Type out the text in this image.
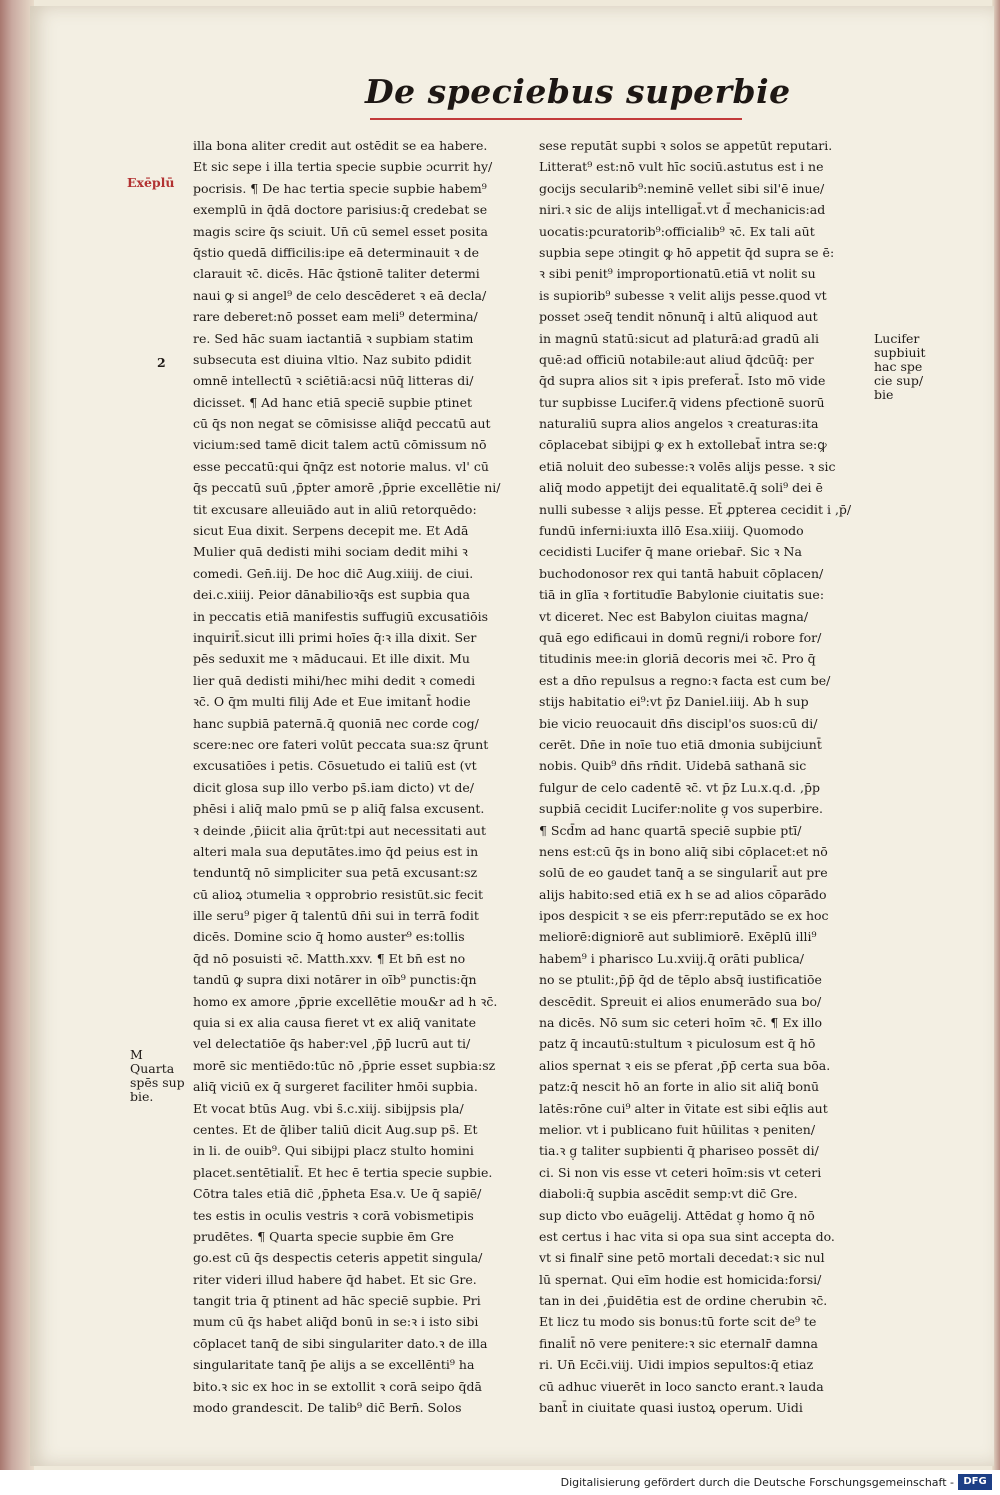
De speciebus superbie
illa bona aliter credit aut ostēdit se ea habere.
Et sic sepe i illa tertia specie supbie ɔcurrit hy/
pocrisis. ¶ De hac tertia specie supbie habem⁹
exemplū in q̄dā doctore parisius:q̄ credebat se
magis scire q̄s sciuit. Un̄ cū semel esset posita
q̄stio quedā difficilis:ipe eā determinauit ꝛ de
clarauit ꝛc̄. dicēs. Hāc q̄stionē taliter determi
naui ꝙ si angel⁹ de celo descēderet ꝛ eā decla/
rare deberet:nō posset eam meli⁹ determina/
re. Sed hāc suam iactantiā ꝛ supbiam statim
subsecuta est diuina vltio. Naz subito pdidit
omnē intellectū ꝛ sciētiā:acsi nūq̄ litteras di/
dicisset. ¶ Ad hanc etiā speciē supbie ptinet
cū q̄s non negat se cōmisisse aliq̄d peccatū aut
vicium:sed tamē dicit talem actū cōmissum nō
esse peccatū:qui q̄nq̄z est notorie malus. vl' cū
q̄s peccatū suū ,p̄pter amorē ,p̄prie excellētie ni/
tit excusare alleuiādo aut in aliū retorquēdo:
sicut Eua dixit. Serpens decepit me. Et Adā
Mulier quā dedisti mihi sociam dedit mihi ꝛ
comedi. Gen̄.iij. De hoc dic̄ Aug.xiiij. de ciui.
dei.c.xiiij. Peior dānabilioꝛq̄s est supbia qua
in peccatis etiā manifestis suffugiū excusatiōis
inquirit̄.sicut illi primi hoīes q̄꞉ꝛ illa dixit. Ser
pēs seduxit me ꝛ māducaui. Et ille dixit. Mu
lier quā dedisti mihi/hec mihi dedit ꝛ comedi
ꝛc̄. O q̄m multi filij Ade et Eue imitant̄ hodie
hanc supbiā paternā.q̄ quoniā nec corde cog/
scere:nec ore fateri volūt peccata sua:sz q̄runt
excusatiōes i petis. Cōsuetudo ei taliū est (vt
dicit glosa sup illo verbo ps̄.iam dicto) vt de/
phēsi i aliq̄ malo pmū se p aliq̄ falsa excusent.
ꝛ deinde ,p̄iicit alia q̄rūt:tpi aut necessitati aut
alteri mala sua deputātes.imo q̄d peius est in
tenduntq̄ nō simpliciter sua petā excusant:sz
cū alioꝝ ɔtumelia ꝛ opprobrio resistūt.sic fecit
ille seru⁹ piger q̄ talentū dn̄i sui in terrā fodit
dicēs. Domine scio q̄ homo auster⁹ es:tollis
q̄d nō posuisti ꝛc̄. Matth.xxv. ¶ Et bn̄ est no
tandū ꝙ supra dixi notārer in oīb⁹ punctis:q̄n
homo ex amore ,p̄prie excellētie mou&r ad h ꝛc̄.
quia si ex alia causa fieret vt ex aliq̄ vanitate
vel delectatiōe q̄s haber:vel ,p̄p̄ lucrū aut ti/
morē sic mentiēdo:tūc nō ,p̄prie esset supbia:sz
aliq̄ viciū ex q̄ surgeret faciliter hmōi supbia.
Et vocat btūs Aug. vbi s̄.c.xiij. sibijpsis pla/
centes. Et de q̄liber taliū dicit Aug.sup ps̄. Et
in li. de ouib⁹. Qui sibijpi placz stulto homini
placet.sentētialit̄. Et hec ē tertia specie supbie.
Cōtra tales etiā dic̄ ,p̄pheta Esa.v. Ue q̄ sapiē/
tes estis in oculis vestris ꝛ corā vobismetipis
prudētes. ¶ Quarta specie supbie ēm Gre
go.est cū q̄s despectis ceteris appetit singula/
riter videri illud habere q̄d habet. Et sic Gre.
tangit tria q̄ ptinent ad hāc speciē supbie. Pri
mum cū q̄s habet aliq̄d bonū in se:ꝛ i isto sibi
cōplacet tanq̄ de sibi singulariter dato.ꝛ de illa
singularitate tanq̄ p̄e alijs a se excellēnti⁹ ha
bito.ꝛ sic ex hoc in se extollit ꝛ corā seipo q̄dā
modo grandescit. De talib⁹ dic̄ Bern̄. Solos
sese reputāt supbi ꝛ solos se appetūt reputari.
Litterat⁹ est:nō vult hīc sociū.astutus est i ne
gocijs secularib⁹:neminē vellet sibi sil'ē inue/
niri.ꝛ sic de alijs intelligat̄.vt d̄ mechanicis:ad
uocatis:pcuratorib⁹:officialib⁹ ꝛc̄. Ex tali aūt
supbia sepe ɔtingit ꝙ hō appetit q̄d supra se ē:
ꝛ sibi penit⁹ improportionatū.etiā vt nolit su
is supiorib⁹ subesse ꝛ velit alijs pesse.quod vt
posset ɔseq̄ tendit nōnunq̄ i altū aliquod aut
in magnū statū:sicut ad platurā:ad gradū ali
quē:ad officiū notabile:aut aliud q̄dcūq̄: per
q̄d supra alios sit ꝛ ipis preferat̄. Isto mō vide
tur supbisse Lucifer.q̄ videns pfectionē suorū
naturaliū supra alios angelos ꝛ creaturas:ita
cōplacebat sibijpi ꝙ ex h extollebat̄ intra se:ꝙ
etiā noluit deo subesse:ꝛ volēs alijs pesse. ꝛ sic
aliq̄ modo appetijt dei equalitatē.q̄ soli⁹ dei ē
nulli subesse ꝛ alijs pesse. Et̄ ꝓpterea cecidit i ,p̄/
fundū inferni:iuxta illō Esa.xiiij. Quomodo
cecidisti Lucifer q̄ mane oriebar̄. Sic ꝛ Na
buchodonosor rex qui tantā habuit cōplacen/
tiā in glīa ꝛ fortitudīe Babylonie ciuitatis sue:
vt diceret. Nec est Babylon ciuitas magna/
quā ego edificaui in domū regni/i robore for/
titudinis mee:in gloriā decoris mei ꝛc̄. Pro q̄
est a dn̄o repulsus a regno:ꝛ facta est cum be/
stijs habitatio ei⁹:vt p̄z Daniel.iiij. Ab h sup
bie vicio reuocauit dn̄s discipl'os suos:cū di/
cerēt. Dn̄e in noīe tuo etiā dmonia subijciunt̄
nobis. Quib⁹ dn̄s rn̄dit. Uidebā sathanā sic
fulgur de celo cadentē ꝛc̄. vt p̄z Lu.x.q.d. ,p̄p
supbiā cecidit Lucifer:nolite g̣ vos superbire.
¶ Scd̄m ad hanc quartā speciē supbie ptī/
nens est:cū q̄s in bono aliq̄ sibi cōplacet:et nō
solū de eo gaudet tanq̄ a se singularit̄ aut pre
alijs habito:sed etiā ex h se ad alios cōparādo
ipos despicit ꝛ se eis pferr:reputādo se ex hoc
meliorē:digniorē aut sublimiorē. Exēplū illi⁹
habem⁹ i pharisco Lu.xviij.q̄ orāti publica/
no se ptulit:,p̄p̄ q̄d de tēplo absq̄ iustificatiōe
descēdit. Spreuit ei alios enumerādo sua bo/
na dicēs. Nō sum sic ceteri hoīm ꝛc̄. ¶ Ex illo
patz q̄ incautū:stultum ꝛ piculosum est q̄ hō
alios spernat ꝛ eis se pferat ,p̄p̄ certa sua bōa.
patz:q̄ nescit hō an forte in alio sit aliq̄ bonū
latēs:rōne cui⁹ alter in v̄itate est sibi eq̄lis aut
melior. vt i publicano fuit hūilitas ꝛ peniten/
tia.ꝛ g̣ taliter supbienti q̄ phariseo possēt di/
ci. Si non vis esse vt ceteri hoīm:sis vt ceteri
diaboli:q̄ supbia ascēdit semp:vt dic̄ Gre.
sup dicto vbo euāgelij. Attēdat g̣ homo q̄ nō
est certus i hac vita si opa sua sint accepta do.
vt si finalr̄ sine petō mortali decedat:ꝛ sic nul
lū spernat. Qui eīm hodie est homicida:forsi/
tan in dei ,p̄uidētia est de ordine cherubin ꝛc̄.
Et licz tu modo sis bonus:tū forte scit de⁹ te
finalit̄ nō vere penitere:ꝛ sic eternalr̄ damna
ri. Un̄ Ecc̄i.viij. Uidi impios sepultos:q̄ etiaz
cū adhuc viuerēt in loco sancto erant.ꝛ lauda
bant̄ in ciuitate quasi iustoꝝ operum. Uidi
Exēplū
2
Lucifer
supbiuit
hac spe
cie sup/
bie
M
Quarta
spēs sup
bie.
Digitalisierung gefördert durch die Deutsche Forschungsgemeinschaft - DFG
